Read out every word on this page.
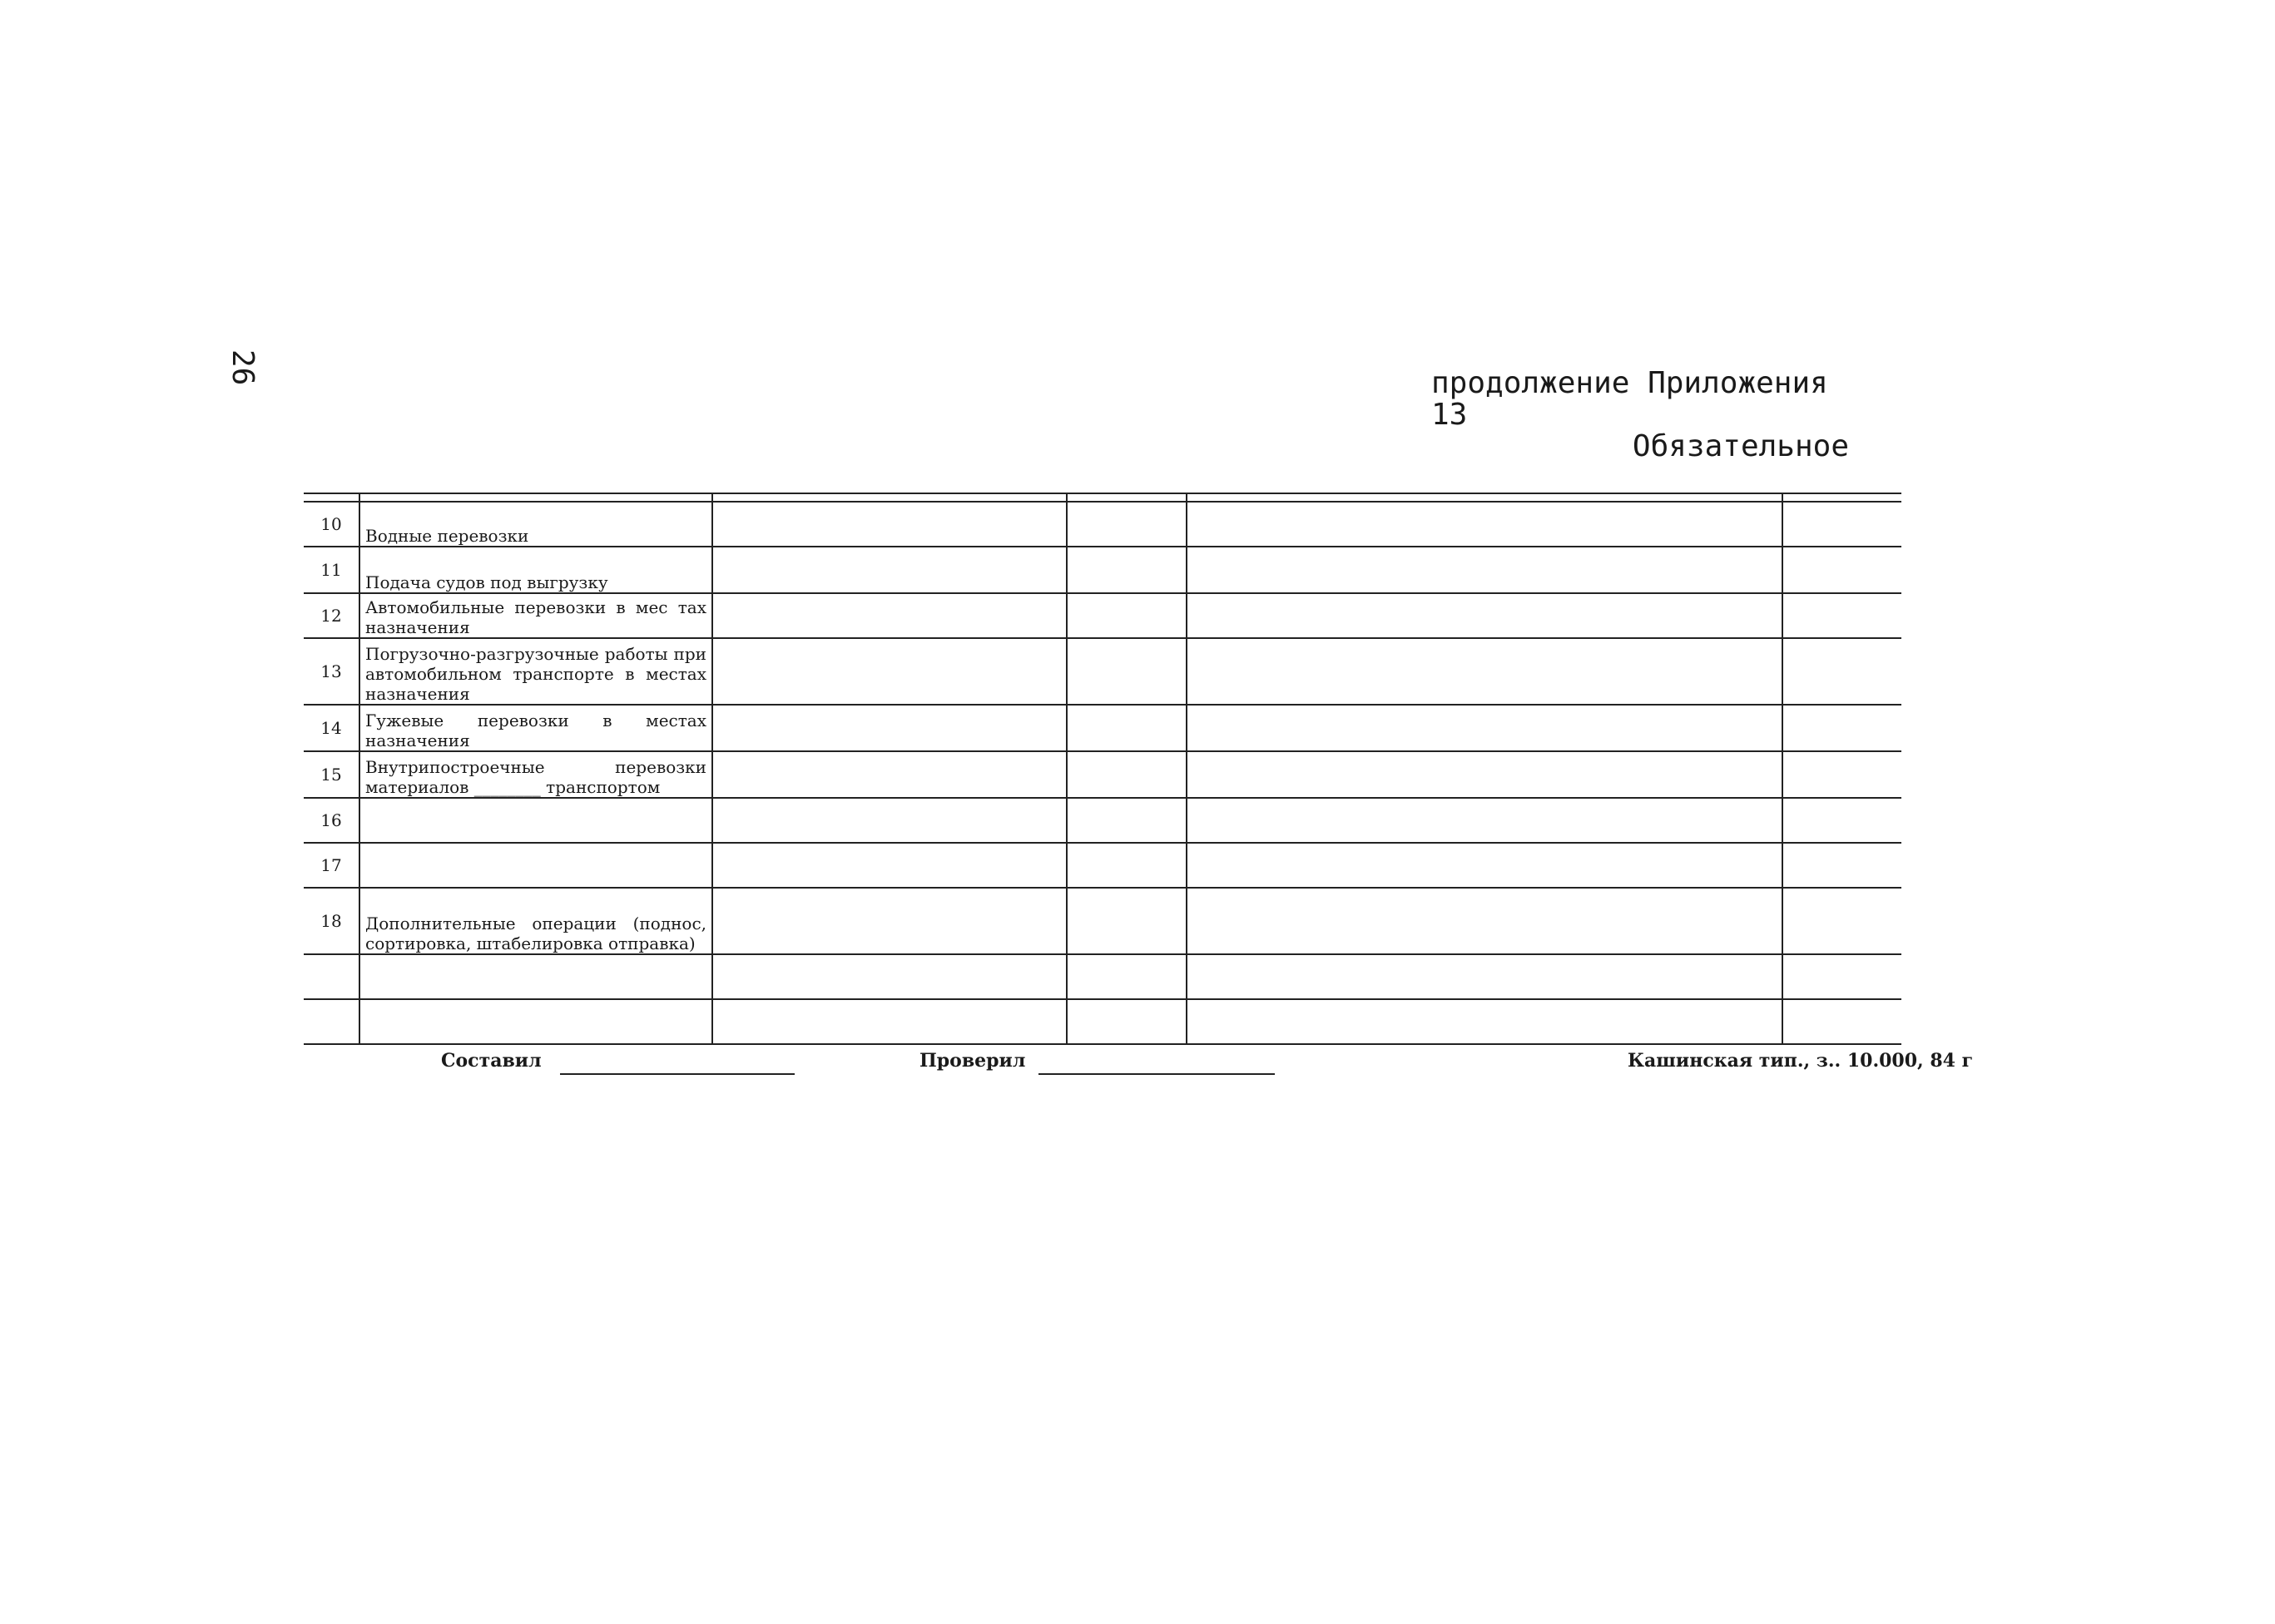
26	продолжение Приложения 13
Обязательное

10	Водные перевозки						
11	Подача судов под выгрузку						
12	Автомобильные перевозки в мес тах назначения						
13	Погрузочно-разгрузочные работы при автомобильном транспорте в местах назначения						
14	Гужевые перевозки в местах назначения						
15	Внутрипостроечные перевозки материалов ________ транспортом						
16							
17							
18	Дополнительные операции (поднос, сортировка, штабелировка отправка)						

Составил	Проверил	Кашинская тип., з.. 10.000, 84 г
